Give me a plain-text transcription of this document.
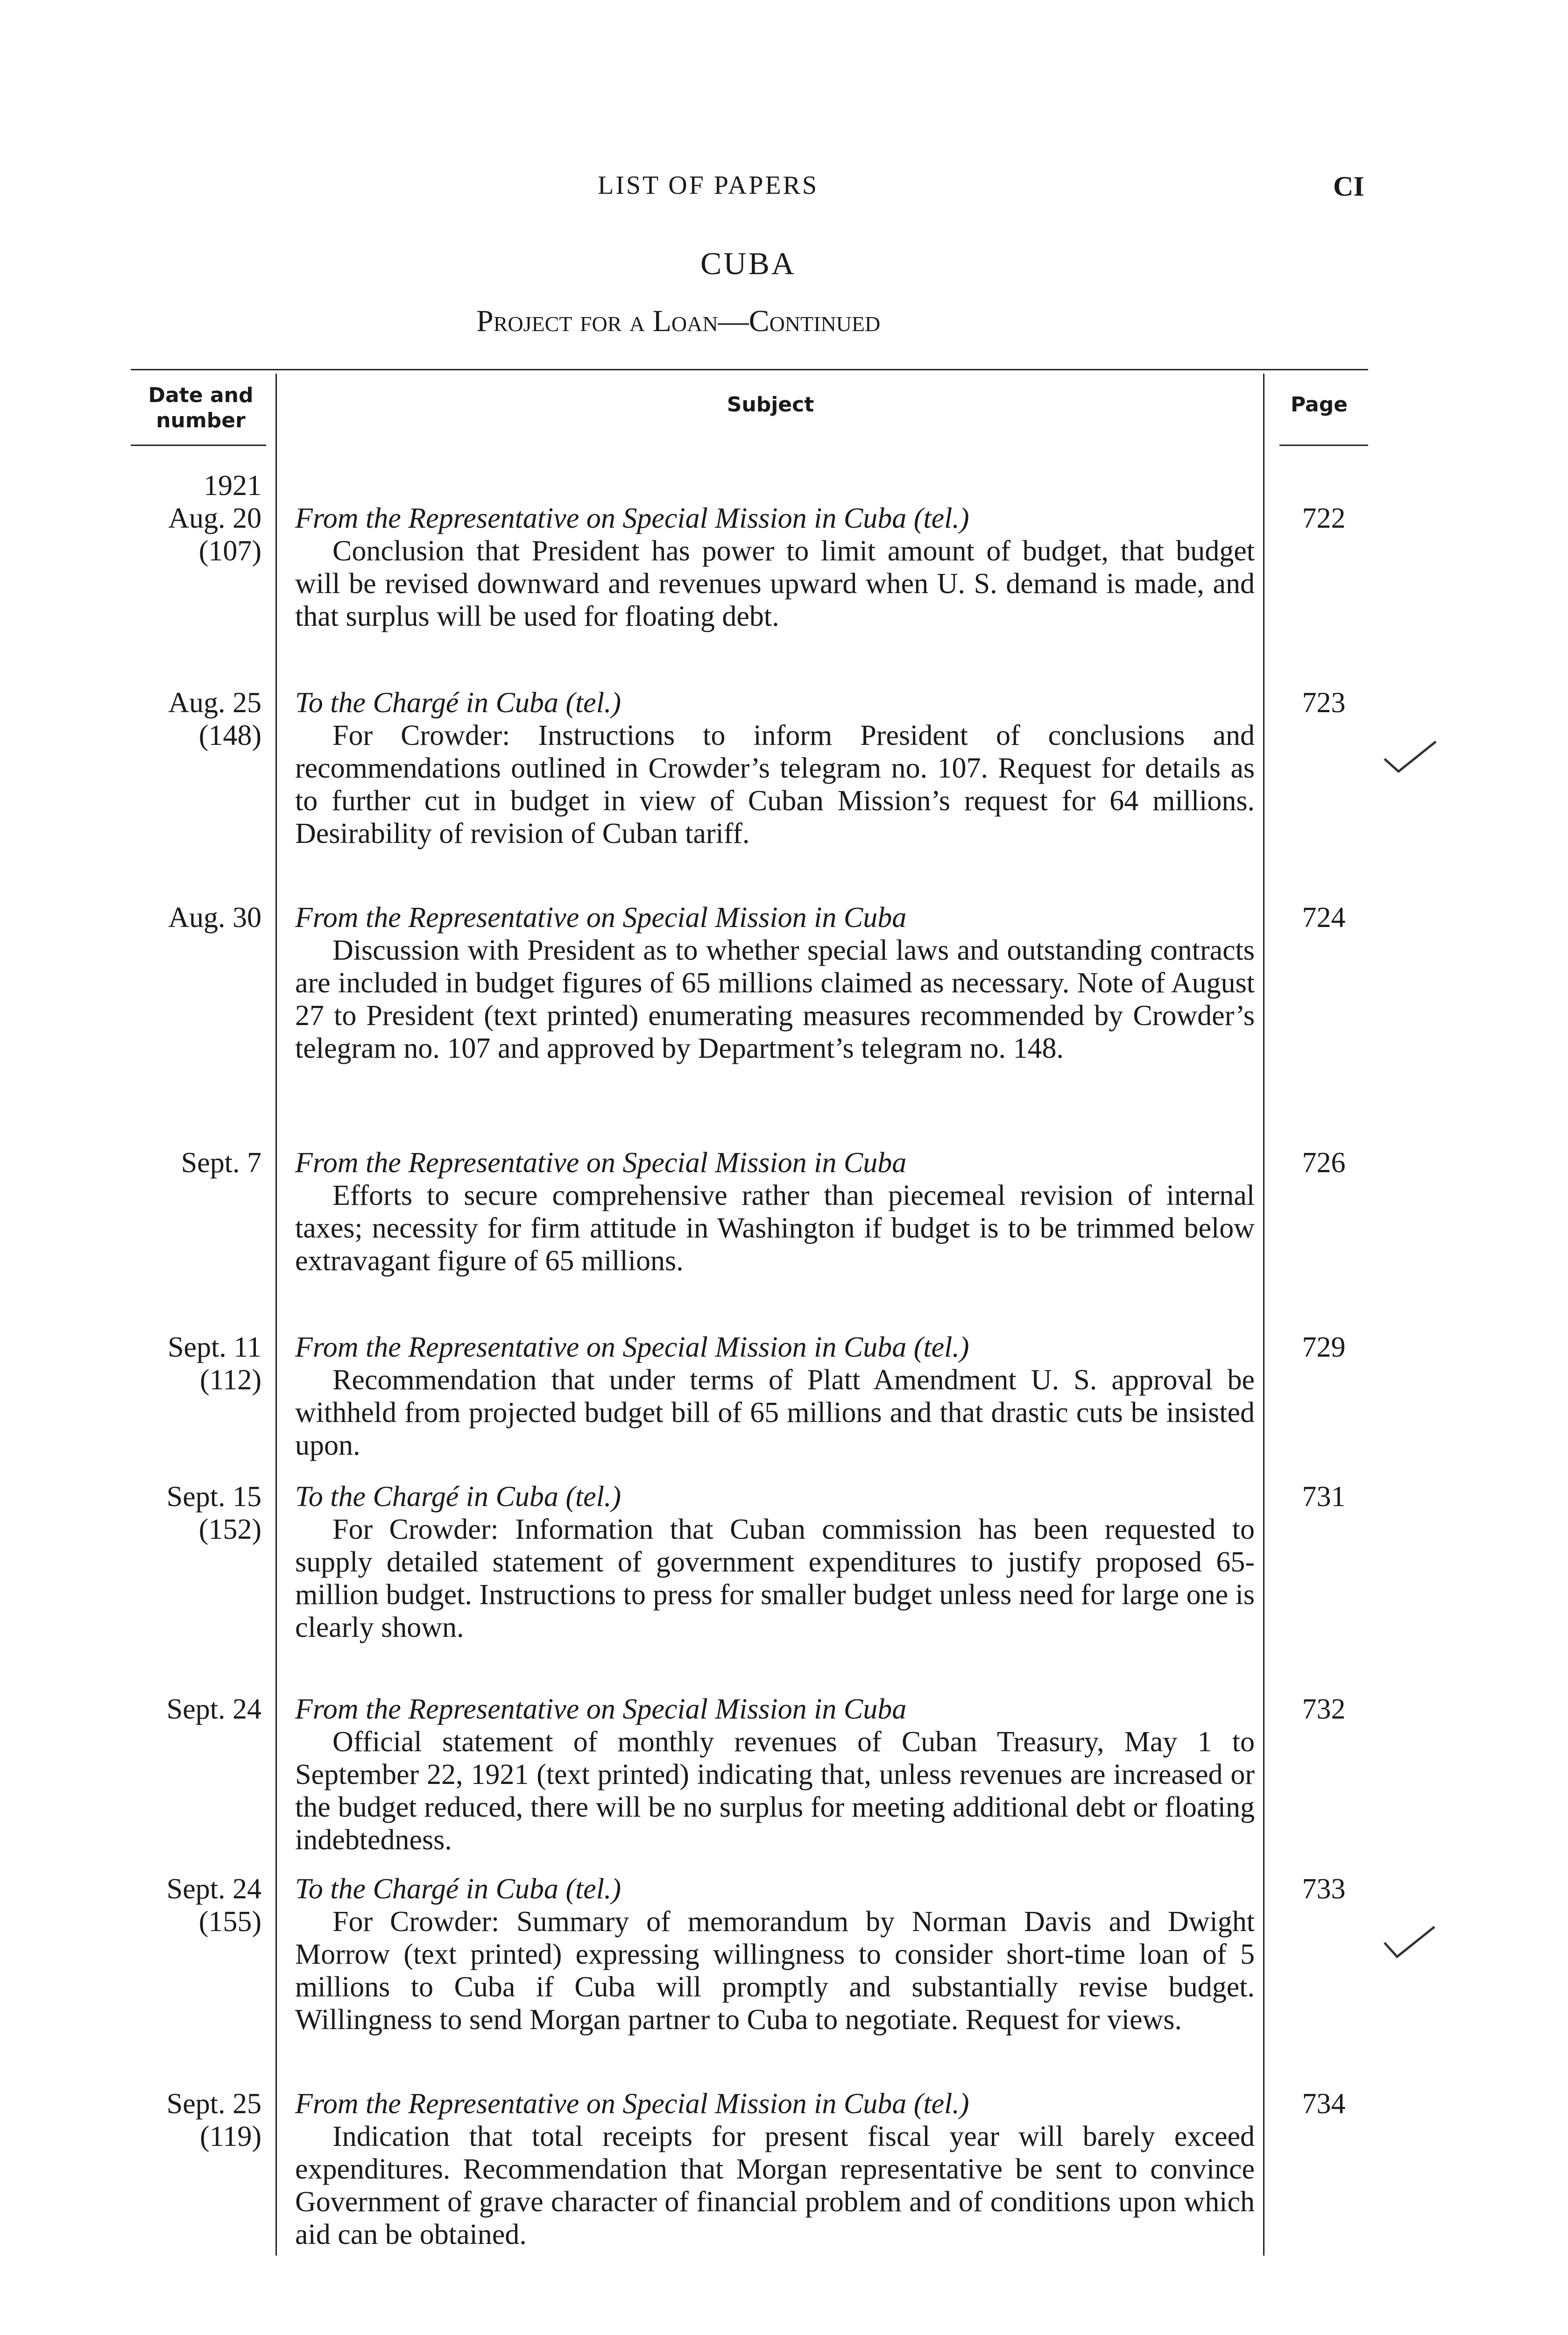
LIST OF PAPERS	CI
CUBA
Project for a Loan—Continued
Date and number
Subject	Page
1921
Aug. 20
(107)
From the Representative on Special Mission in Cuba (tel.)
Conclusion that President has power to limit amount of budget, that budget will be revised downward and revenues upward when U. S. demand is made, and that surplus will be used for floating debt.
722
Aug. 25
(148)
To the Chargé in Cuba (tel.)
For Crowder: Instructions to inform President of conclusions and recommendations outlined in Crowder’s telegram no. 107. Request for details as to further cut in budget in view of Cuban Mission’s request for 64 millions. Desirability of revision of Cuban tariff.
723
Aug. 30 From the Representative on Special Mission in Cuba
Discussion with President as to whether special laws and outstanding contracts are included in budget figures of 65 millions claimed as necessary. Note of August 27 to President (text printed) enumerating measures recommended by Crowder’s telegram no. 107 and approved by Department’s telegram no. 148.
724
Sept. 7 From the Representative on Special Mission in Cuba
Efforts to secure comprehensive rather than piecemeal revision of internal taxes; necessity for firm attitude in Washington if budget is to be trimmed below extravagant figure of 65 millions.
726
Sept. 11
(112)
From the Representative on Special Mission in Cuba (tel.)
Recommendation that under terms of Platt Amendment U. S. approval be withheld from projected budget bill of 65 millions and that drastic cuts be insisted upon.
729
Sept. 15
(152)
To the Chargé in Cuba (tel.)
For Crowder: Information that Cuban commission has been requested to supply detailed statement of government expenditures to justify proposed 65-million budget. Instructions to press for smaller budget unless need for large one is clearly shown.
731
Sept. 24 From the Representative on Special Mission in Cuba
Official statement of monthly revenues of Cuban Treasury, May 1 to September 22, 1921 (text printed) indicating that, unless revenues are increased or the budget reduced, there will be no surplus for meeting additional debt or floating indebtedness.
732
Sept. 24
(155)
To the Chargé in Cuba (tel.)
For Crowder: Summary of memorandum by Norman Davis and Dwight Morrow (text printed) expressing willingness to consider short-time loan of 5 millions to Cuba if Cuba will promptly and substantially revise budget. Willingness to send Morgan partner to Cuba to negotiate. Request for views.
733
Sept. 25
(119)
From the Representative on Special Mission in Cuba (tel.)
Indication that total receipts for present fiscal year will barely exceed expenditures. Recommendation that Morgan representative be sent to convince Government of grave character of financial problem and of conditions upon which aid can be obtained.
734
